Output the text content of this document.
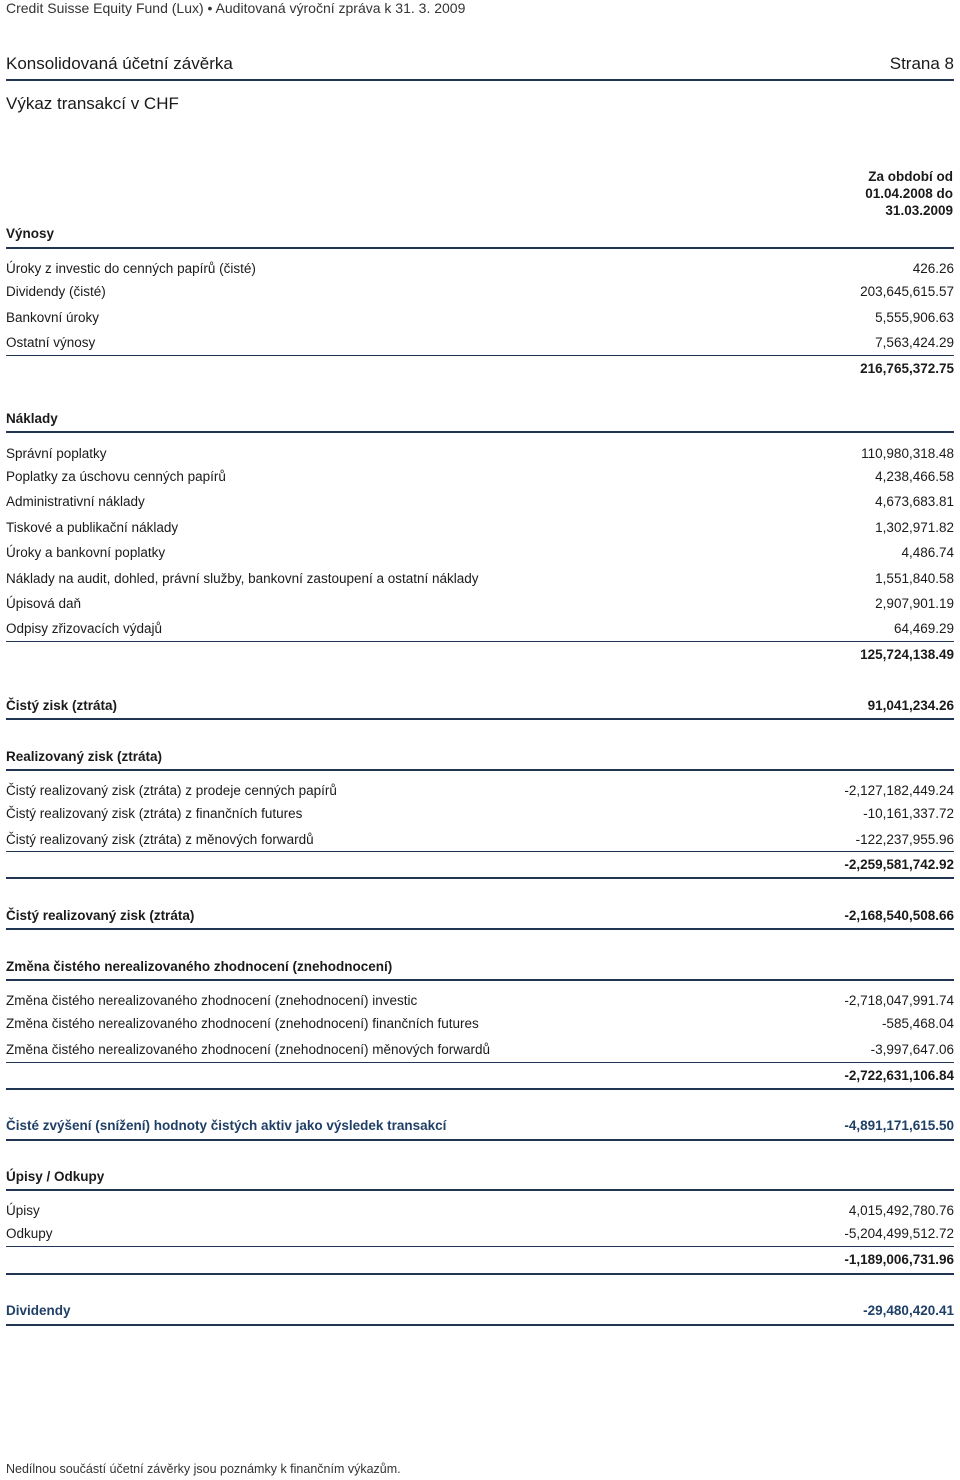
Credit Suisse Equity Fund (Lux) • Auditovaná výroční zpráva k 31. 3. 2009
Konsolidovaná účetní závěrka	Strana 8
Výkaz transakcí v CHF
Za období od
01.04.2008 do
31.03.2009
Výnosy
Úroky z investic do cenných papírů (čisté)	426.26
Dividendy (čisté)	203,645,615.57
Bankovní úroky	5,555,906.63
Ostatní výnosy	7,563,424.29
216,765,372.75
Náklady
Správní poplatky	110,980,318.48
Poplatky za úschovu cenných papírů	4,238,466.58
Administrativní náklady	4,673,683.81
Tiskové a publikační náklady	1,302,971.82
Úroky a bankovní poplatky	4,486.74
Náklady na audit, dohled, právní služby, bankovní zastoupení a ostatní náklady	1,551,840.58
Úpisová daň	2,907,901.19
Odpisy zřizovacích výdajů	64,469.29
125,724,138.49
Čistý zisk (ztráta)	91,041,234.26
Realizovaný zisk (ztráta)
Čistý realizovaný zisk (ztráta) z prodeje cenných papírů	-2,127,182,449.24
Čistý realizovaný zisk (ztráta) z finančních futures	-10,161,337.72
Čistý realizovaný zisk (ztráta) z měnových forwardů	-122,237,955.96
-2,259,581,742.92
Čistý realizovaný zisk (ztráta)	-2,168,540,508.66
Změna čistého nerealizovaného zhodnocení (znehodnocení)
Změna čistého nerealizovaného zhodnocení (znehodnocení) investic	-2,718,047,991.74
Změna čistého nerealizovaného zhodnocení (znehodnocení) finančních futures	-585,468.04
Změna čistého nerealizovaného zhodnocení (znehodnocení) měnových forwardů	-3,997,647.06
-2,722,631,106.84
Čisté zvýšení (snížení) hodnoty čistých aktiv jako výsledek transakcí	-4,891,171,615.50
Úpisy / Odkupy
Úpisy	4,015,492,780.76
Odkupy	-5,204,499,512.72
-1,189,006,731.96
Dividendy	-29,480,420.41
Nedílnou součástí účetní závěrky jsou poznámky k finančním výkazům.
